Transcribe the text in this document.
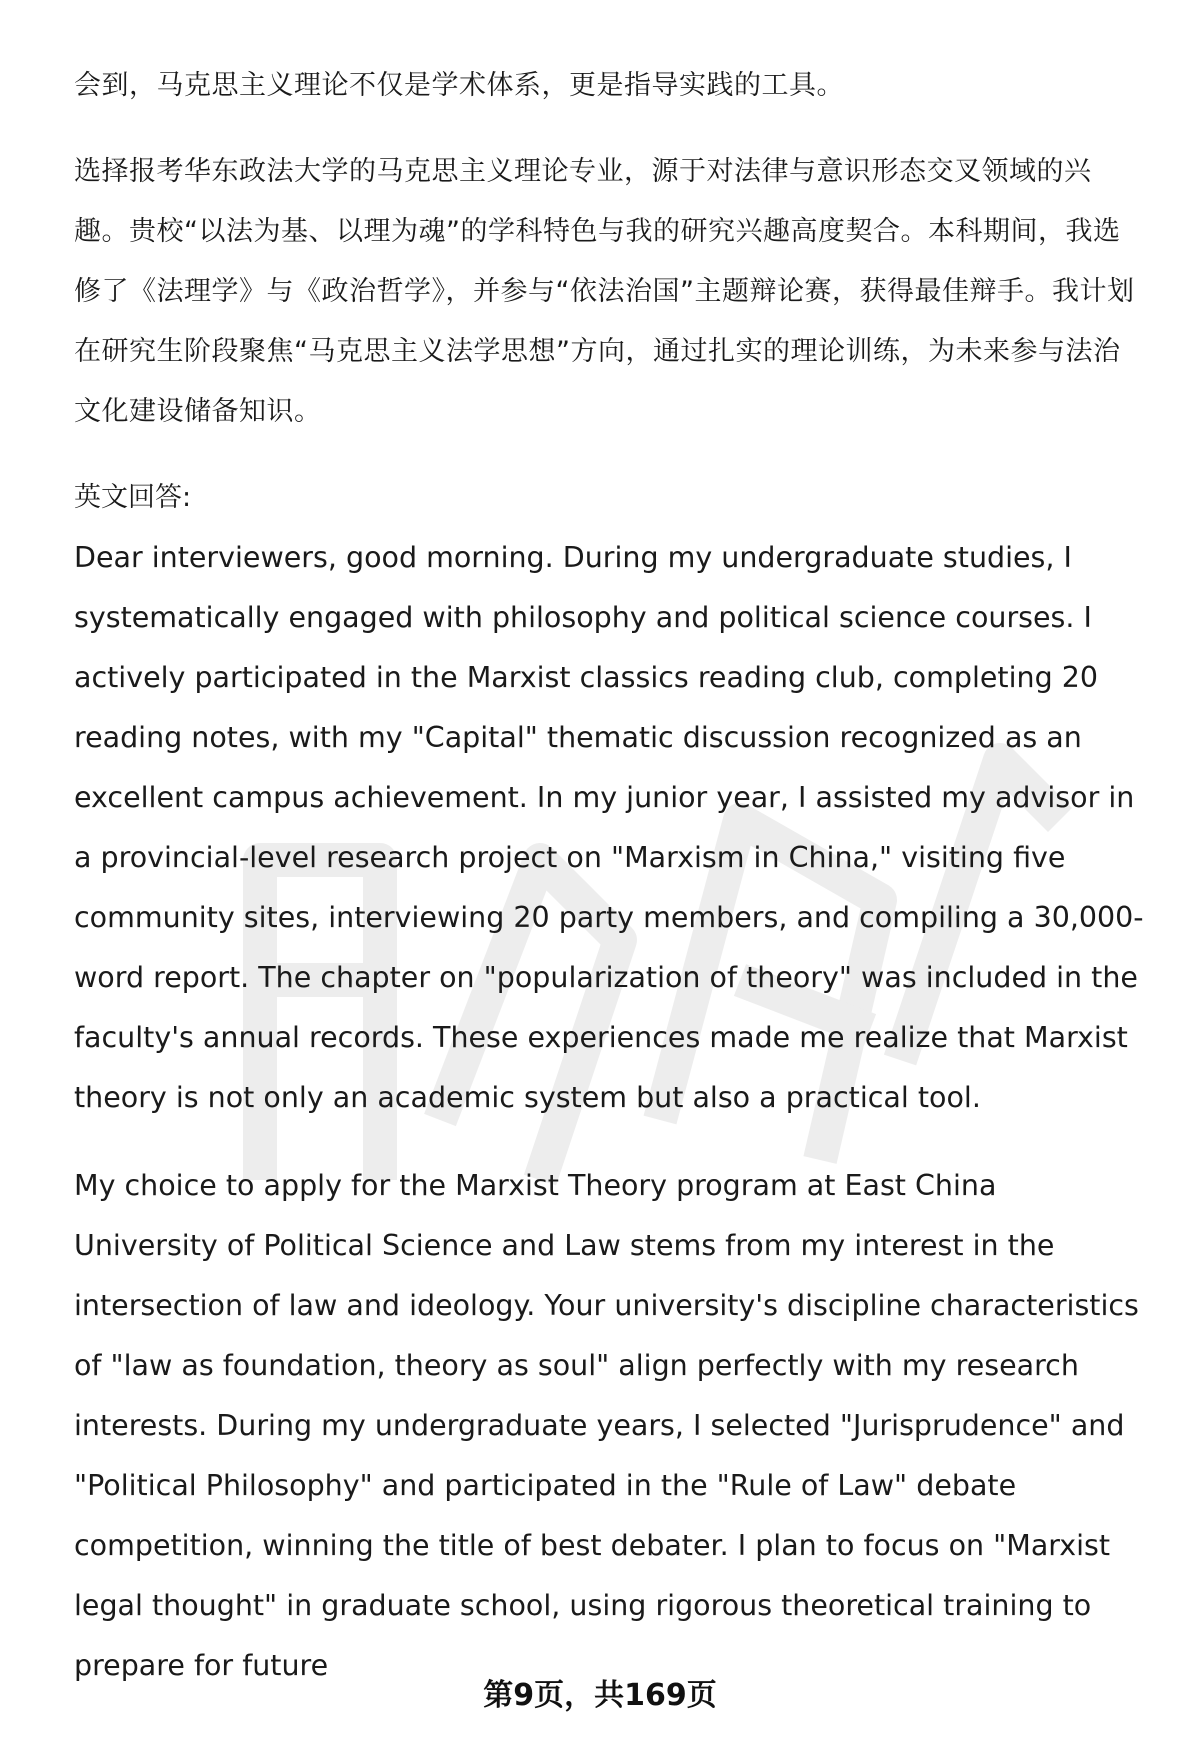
会到，马克思主义理论不仅是学术体系，更是指导实践的工具。

选择报考华东政法大学的马克思主义理论专业，源于对法律与意识形态交叉领域的兴趣。贵校“以法为基、以理为魂”的学科特色与我的研究兴趣高度契合。本科期间，我选修了《法理学》与《政治哲学》，并参与“依法治国”主题辩论赛，获得最佳辩手。我计划在研究生阶段聚焦“马克思主义法学思想”方向，通过扎实的理论训练，为未来参与法治文化建设储备知识。

英文回答:

Dear interviewers, good morning. During my undergraduate studies, I systematically engaged with philosophy and political science courses. I actively participated in the Marxist classics reading club, completing 20 reading notes, with my "Capital" thematic discussion recognized as an excellent campus achievement. In my junior year, I assisted my advisor in a provincial-level research project on "Marxism in China," visiting five community sites, interviewing 20 party members, and compiling a 30,000-word report. The chapter on "popularization of theory" was included in the faculty's annual records. These experiences made me realize that Marxist theory is not only an academic system but also a practical tool.

My choice to apply for the Marxist Theory program at East China University of Political Science and Law stems from my interest in the intersection of law and ideology. Your university's discipline characteristics of "law as foundation, theory as soul" align perfectly with my research interests. During my undergraduate years, I selected "Jurisprudence" and "Political Philosophy" and participated in the "Rule of Law" debate competition, winning the title of best debater. I plan to focus on "Marxist legal thought" in graduate school, using rigorous theoretical training to prepare for future

第9页，共169页
